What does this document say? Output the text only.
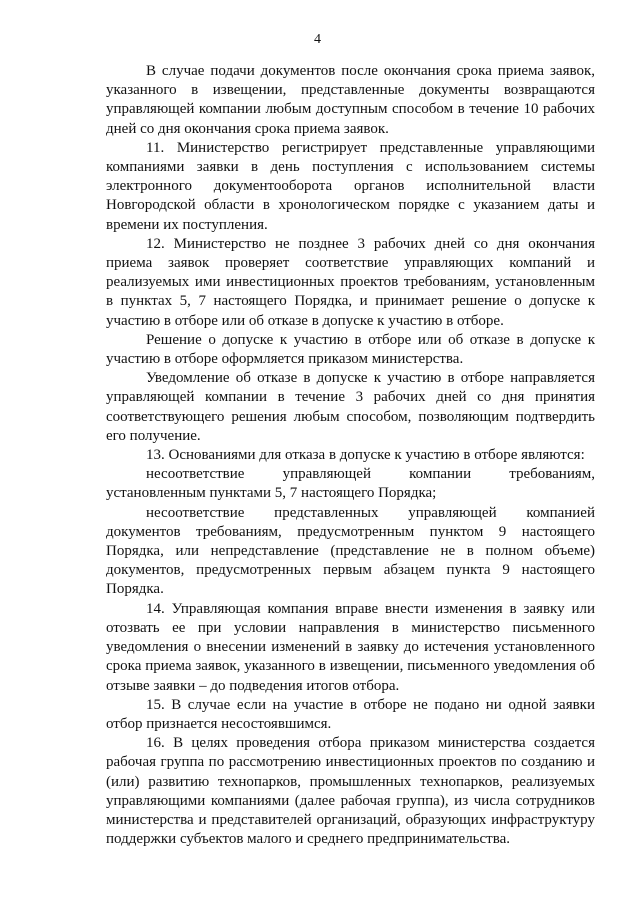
4

В случае подачи документов после окончания срока приема заявок, указанного в извещении, представленные документы возвращаются управляющей компании любым доступным способом в течение 10 рабочих дней со дня окончания срока приема заявок.

11. Министерство регистрирует представленные управляющими компаниями заявки в день поступления с использованием системы электронного документооборота органов исполнительной власти Новгородской области в хронологическом порядке с указанием даты и времени их поступления.

12. Министерство не позднее 3 рабочих дней со дня окончания приема заявок проверяет соответствие управляющих компаний и реализуемых ими инвестиционных проектов требованиям, установленным в пунктах 5, 7 настоящего Порядка, и принимает решение о допуске к участию в отборе или об отказе в допуске к участию в отборе.

Решение о допуске к участию в отборе или об отказе в допуске к участию в отборе оформляется приказом министерства.

Уведомление об отказе в допуске к участию в отборе направляется управляющей компании в течение 3 рабочих дней со дня принятия соответствующего решения любым способом, позволяющим подтвердить его получение.

13. Основаниями для отказа в допуске к участию в отборе являются:

несоответствие управляющей компании требованиям, установленным пунктами 5, 7 настоящего Порядка;

несоответствие представленных управляющей компанией документов требованиям, предусмотренным пунктом 9 настоящего Порядка, или непредставление (представление не в полном объеме) документов, предусмотренных первым абзацем пункта 9 настоящего Порядка.

14. Управляющая компания вправе внести изменения в заявку или отозвать ее при условии направления в министерство письменного уведомления о внесении изменений в заявку до истечения установленного срока приема заявок, указанного в извещении, письменного уведомления об отзыве заявки – до подведения итогов отбора.

15. В случае если на участие в отборе не подано ни одной заявки отбор признается несостоявшимся.

16. В целях проведения отбора приказом министерства создается рабочая группа по рассмотрению инвестиционных проектов по созданию и (или) развитию технопарков, промышленных технопарков, реализуемых управляющими компаниями (далее рабочая группа), из числа сотрудников министерства и представителей организаций, образующих инфраструктуру поддержки субъектов малого и среднего предпринимательства.
